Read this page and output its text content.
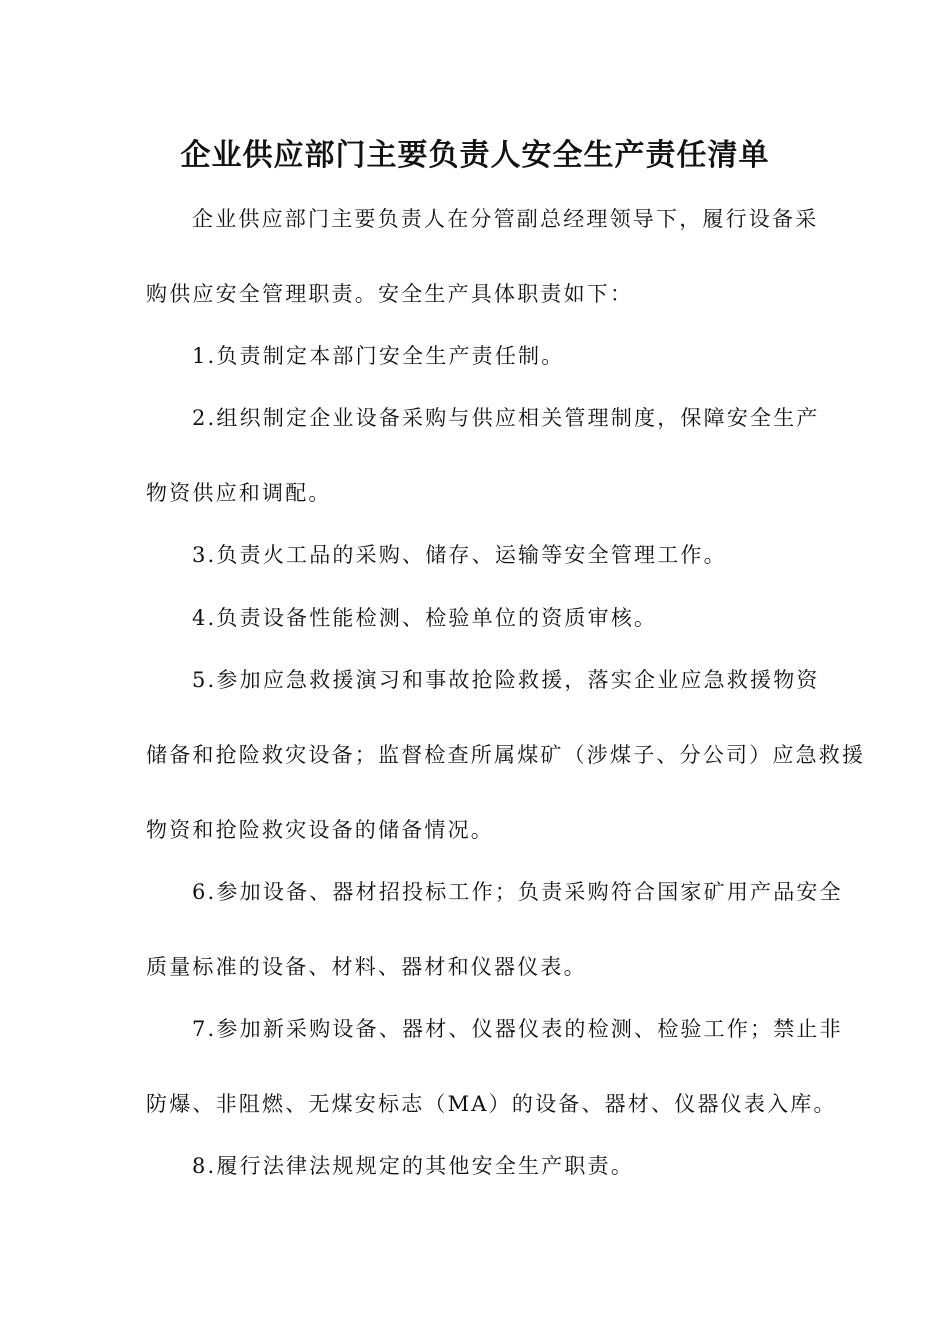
企业供应部门主要负责人安全生产责任清单
企业供应部门主要负责人在分管副总经理领导下，履行设备采
购供应安全管理职责。安全生产具体职责如下：
1.负责制定本部门安全生产责任制。
2.组织制定企业设备采购与供应相关管理制度，保障安全生产
物资供应和调配。
3.负责火工品的采购、储存、运输等安全管理工作。
4.负责设备性能检测、检验单位的资质审核。
5.参加应急救援演习和事故抢险救援，落实企业应急救援物资
储备和抢险救灾设备；监督检查所属煤矿（涉煤子、分公司）应急救援
物资和抢险救灾设备的储备情况。
6.参加设备、器材招投标工作；负责采购符合国家矿用产品安全
质量标准的设备、材料、器材和仪器仪表。
7.参加新采购设备、器材、仪器仪表的检测、检验工作；禁止非
防爆、非阻燃、无煤安标志（MA）的设备、器材、仪器仪表入库。
8.履行法律法规规定的其他安全生产职责。
